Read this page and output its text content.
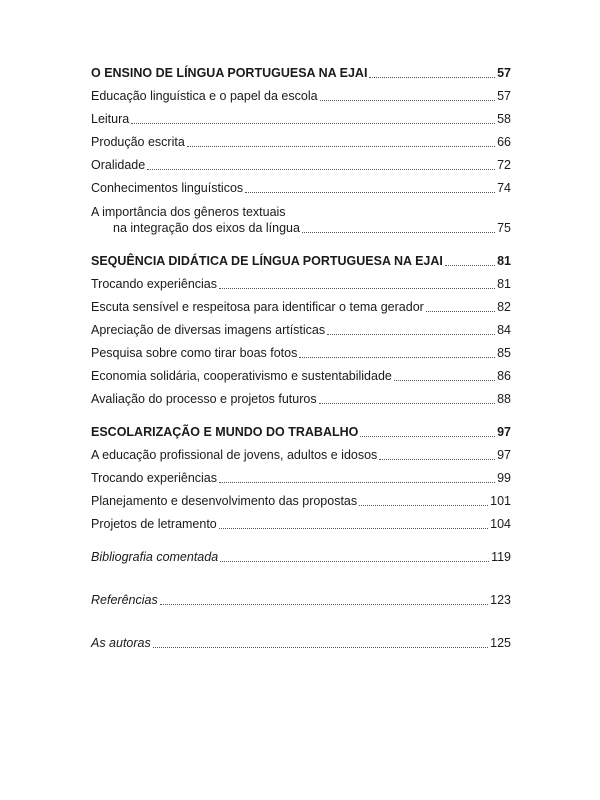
O ENSINO DE LÍNGUA PORTUGUESA NA EJAI	57
Educação linguística e o papel da escola	57
Leitura	58
Produção escrita	66
Oralidade	72
Conhecimentos linguísticos	74
A importância dos gêneros textuais
na integração dos eixos da língua	75
SEQUÊNCIA DIDÁTICA DE LÍNGUA PORTUGUESA NA EJAI	81
Trocando experiências	81
Escuta sensível e respeitosa para identificar o tema gerador	82
Apreciação de diversas imagens artísticas	84
Pesquisa sobre como tirar boas fotos	85
Economia solidária, cooperativismo e sustentabilidade	86
Avaliação do processo e projetos futuros	88
ESCOLARIZAÇÃO E MUNDO DO TRABALHO	97
A educação profissional de jovens, adultos e idosos	97
Trocando experiências	99
Planejamento e desenvolvimento das propostas	101
Projetos de letramento	104
Bibliografia comentada	119
Referências	123
As autoras	125
